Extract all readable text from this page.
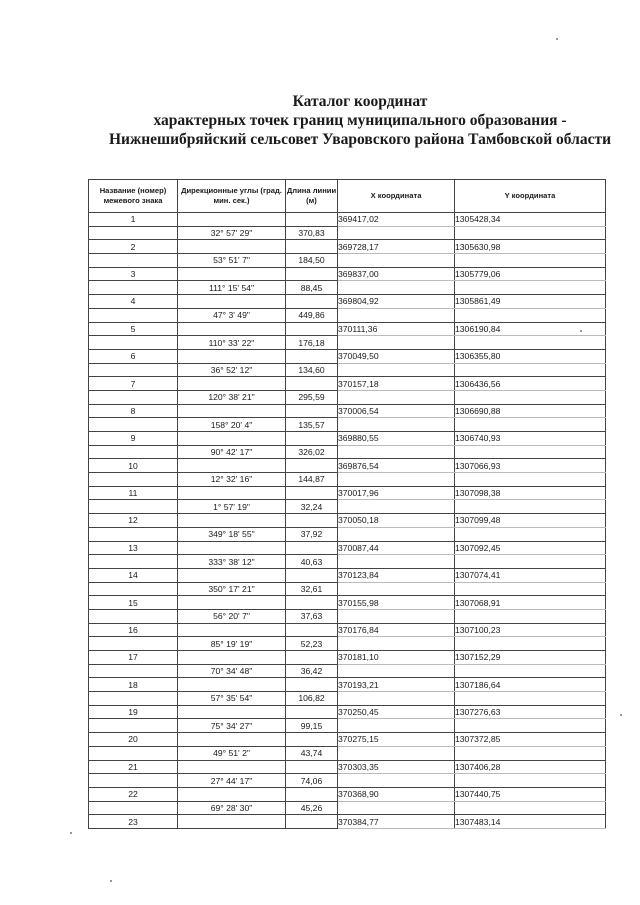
Каталог координат
характерных точек границ муниципального образования -
Нижнешибряйский сельсовет Уваровского района Тамбовской области
Название (номер) межевого знака	Дирекционные углы (град. мин. сек.)	Длина линии (м)	Х координата	Y координата
1			369417,02	1305428,34
	32° 57' 29"	370,83		
2			369728,17	1305630,98
	53° 51' 7"	184,50		
3			369837,00	1305779,06
	111° 15' 54"	88,45		
4			369804,92	1305861,49
	47° 3' 49"	449,86		
5			370111,36	1306190,84
	110° 33' 22"	176,18		
6			370049,50	1306355,80
	36° 52' 12"	134,60		
7			370157,18	1306436,56
	120° 38' 21"	295,59		
8			370006,54	1306690,88
	158° 20' 4"	135,57		
9			369880,55	1306740,93
	90° 42' 17"	326,02		
10			369876,54	1307066,93
	12° 32' 16"	144,87		
11			370017,96	1307098,38
	1° 57' 19"	32,24		
12			370050,18	1307099,48
	349° 18' 55"	37,92		
13			370087,44	1307092,45
	333° 38' 12"	40,63		
14			370123,84	1307074,41
	350° 17' 21"	32,61		
15			370155,98	1307068,91
	56° 20' 7"	37,63		
16			370176,84	1307100,23
	85° 19' 19"	52,23		
17			370181,10	1307152,29
	70° 34' 48"	36,42		
18			370193,21	1307186,64
	57° 35' 54"	106,82		
19			370250,45	1307276,63
	75° 34' 27"	99,15		
20			370275,15	1307372,85
	49° 51' 2"	43,74		
21			370303,35	1307406,28
	27° 44' 17"	74,06		
22			370368,90	1307440,75
	69° 28' 30"	45,26		
23			370384,77	1307483,14
